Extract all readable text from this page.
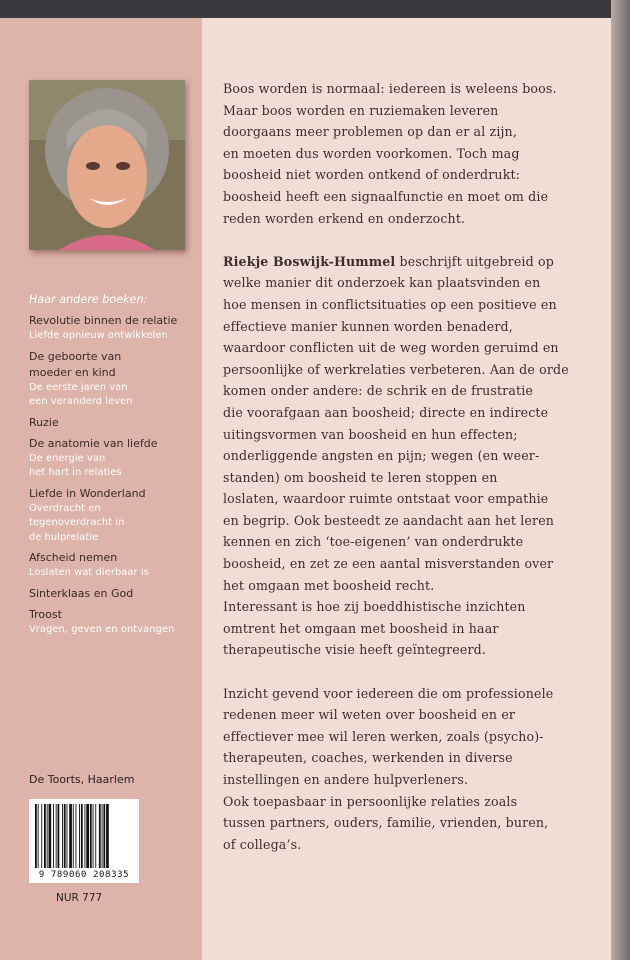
Haar andere boeken:
Revolutie binnen de relatie
Liefde opnieuw ontwikkelen
De geboorte van
moeder en kind
De eerste jaren van
een veranderd leven
Ruzie
De anatomie van liefde
De energie van
het hart in relaties
Liefde in Wonderland
Overdracht en
tegenoverdracht in
de hulprelatie
Afscheid nemen
Loslaten wat dierbaar is
Sinterklaas en God
Troost
Vragen, geven en ontvangen
De Toorts, Haarlem
9 789060 208335
NUR 777

Boos worden is normaal: iedereen is weleens boos.
Maar boos worden en ruziemaken leveren
doorgaans meer problemen op dan er al zijn,
en moeten dus worden voorkomen. Toch mag
boosheid niet worden ontkend of onderdrukt:
boosheid heeft een signaalfunctie en moet om die
reden worden erkend en onderzocht.

Riekje Boswijk-Hummel beschrijft uitgebreid op
welke manier dit onderzoek kan plaatsvinden en
hoe mensen in conflictsituaties op een positieve en
effectieve manier kunnen worden benaderd,
waardoor conflicten uit de weg worden geruimd en
persoonlijke of werkrelaties verbeteren. Aan de orde
komen onder andere: de schrik en de frustratie
die voorafgaan aan boosheid; directe en indirecte
uitingsvormen van boosheid en hun effecten;
onderliggende angsten en pijn; wegen (en weer-
standen) om boosheid te leren stoppen en
loslaten, waardoor ruimte ontstaat voor empathie
en begrip. Ook besteedt ze aandacht aan het leren
kennen en zich ‘toe-eigenen’ van onderdrukte
boosheid, en zet ze een aantal misverstanden over
het omgaan met boosheid recht.
Interessant is hoe zij boeddhistische inzichten
omtrent het omgaan met boosheid in haar
therapeutische visie heeft geïntegreerd.

Inzicht gevend voor iedereen die om professionele
redenen meer wil weten over boosheid en er
effectiever mee wil leren werken, zoals (psycho)-
therapeuten, coaches, werkenden in diverse
instellingen en andere hulpverleners.
Ook toepasbaar in persoonlijke relaties zoals
tussen partners, ouders, familie, vrienden, buren,
of collega’s.
